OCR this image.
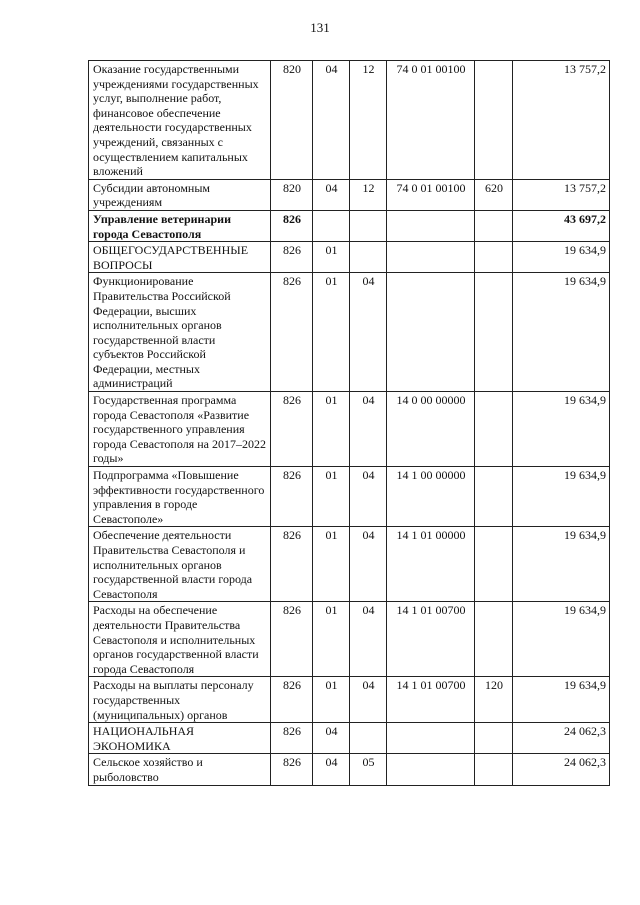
131
Оказание государственными учреждениями государственных услуг, выполнение работ, финансовое обеспечение деятельности государственных учреждений, связанных с осуществлением капитальных вложений	820	04	12	74 0 01 00100		13 757,2
Субсидии автономным учреждениям	820	04	12	74 0 01 00100	620	13 757,2
Управление ветеринарии города Севастополя	826					43 697,2
ОБЩЕГОСУДАРСТВЕННЫЕ ВОПРОСЫ	826	01				19 634,9
Функционирование Правительства Российской Федерации, высших исполнительных органов государственной власти субъектов Российской Федерации, местных администраций	826	01	04			19 634,9
Государственная программа города Севастополя «Развитие государственного управления города Севастополя на 2017–2022 годы»	826	01	04	14 0 00 00000		19 634,9
Подпрограмма «Повышение эффективности государственного управления в городе Севастополе»	826	01	04	14 1 00 00000		19 634,9
Обеспечение деятельности Правительства Севастополя и исполнительных органов государственной власти города Севастополя	826	01	04	14 1 01 00000		19 634,9
Расходы на обеспечение деятельности Правительства Севастополя и исполнительных органов государственной власти города Севастополя	826	01	04	14 1 01 00700		19 634,9
Расходы на выплаты персоналу государственных (муниципальных) органов	826	01	04	14 1 01 00700	120	19 634,9
НАЦИОНАЛЬНАЯ ЭКОНОМИКА	826	04				24 062,3
Сельское хозяйство и рыболовство	826	04	05			24 062,3
